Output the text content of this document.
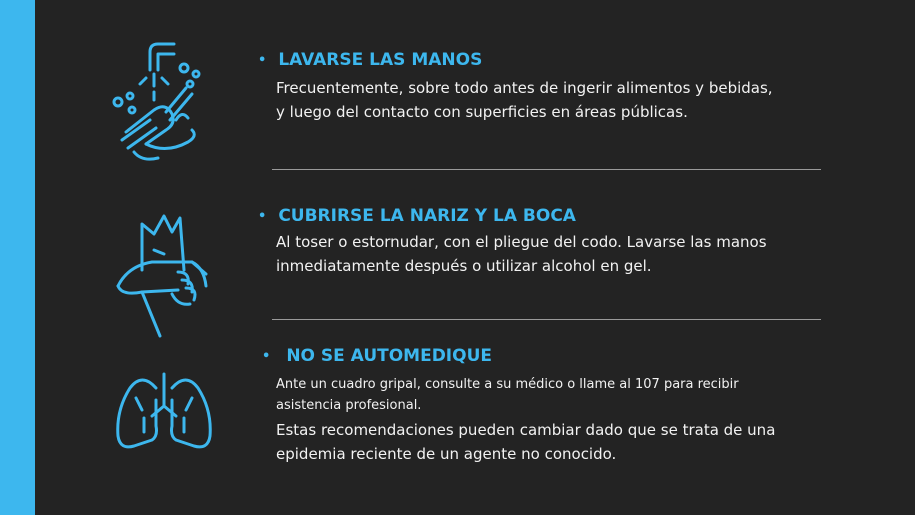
• LAVARSE LAS MANOS
Frecuentemente, sobre todo antes de ingerir alimentos y bebidas,
y luego del contacto con superficies en áreas públicas.
• CUBRIRSE LA NARIZ Y LA BOCA
Al toser o estornudar, con el pliegue del codo. Lavarse las manos
inmediatamente después o utilizar alcohol en gel.
• NO SE AUTOMEDIQUE
Ante un cuadro gripal, consulte a su médico o llame al 107 para recibir
asistencia profesional.
Estas recomendaciones pueden cambiar dado que se trata de una
epidemia reciente de un agente no conocido.
